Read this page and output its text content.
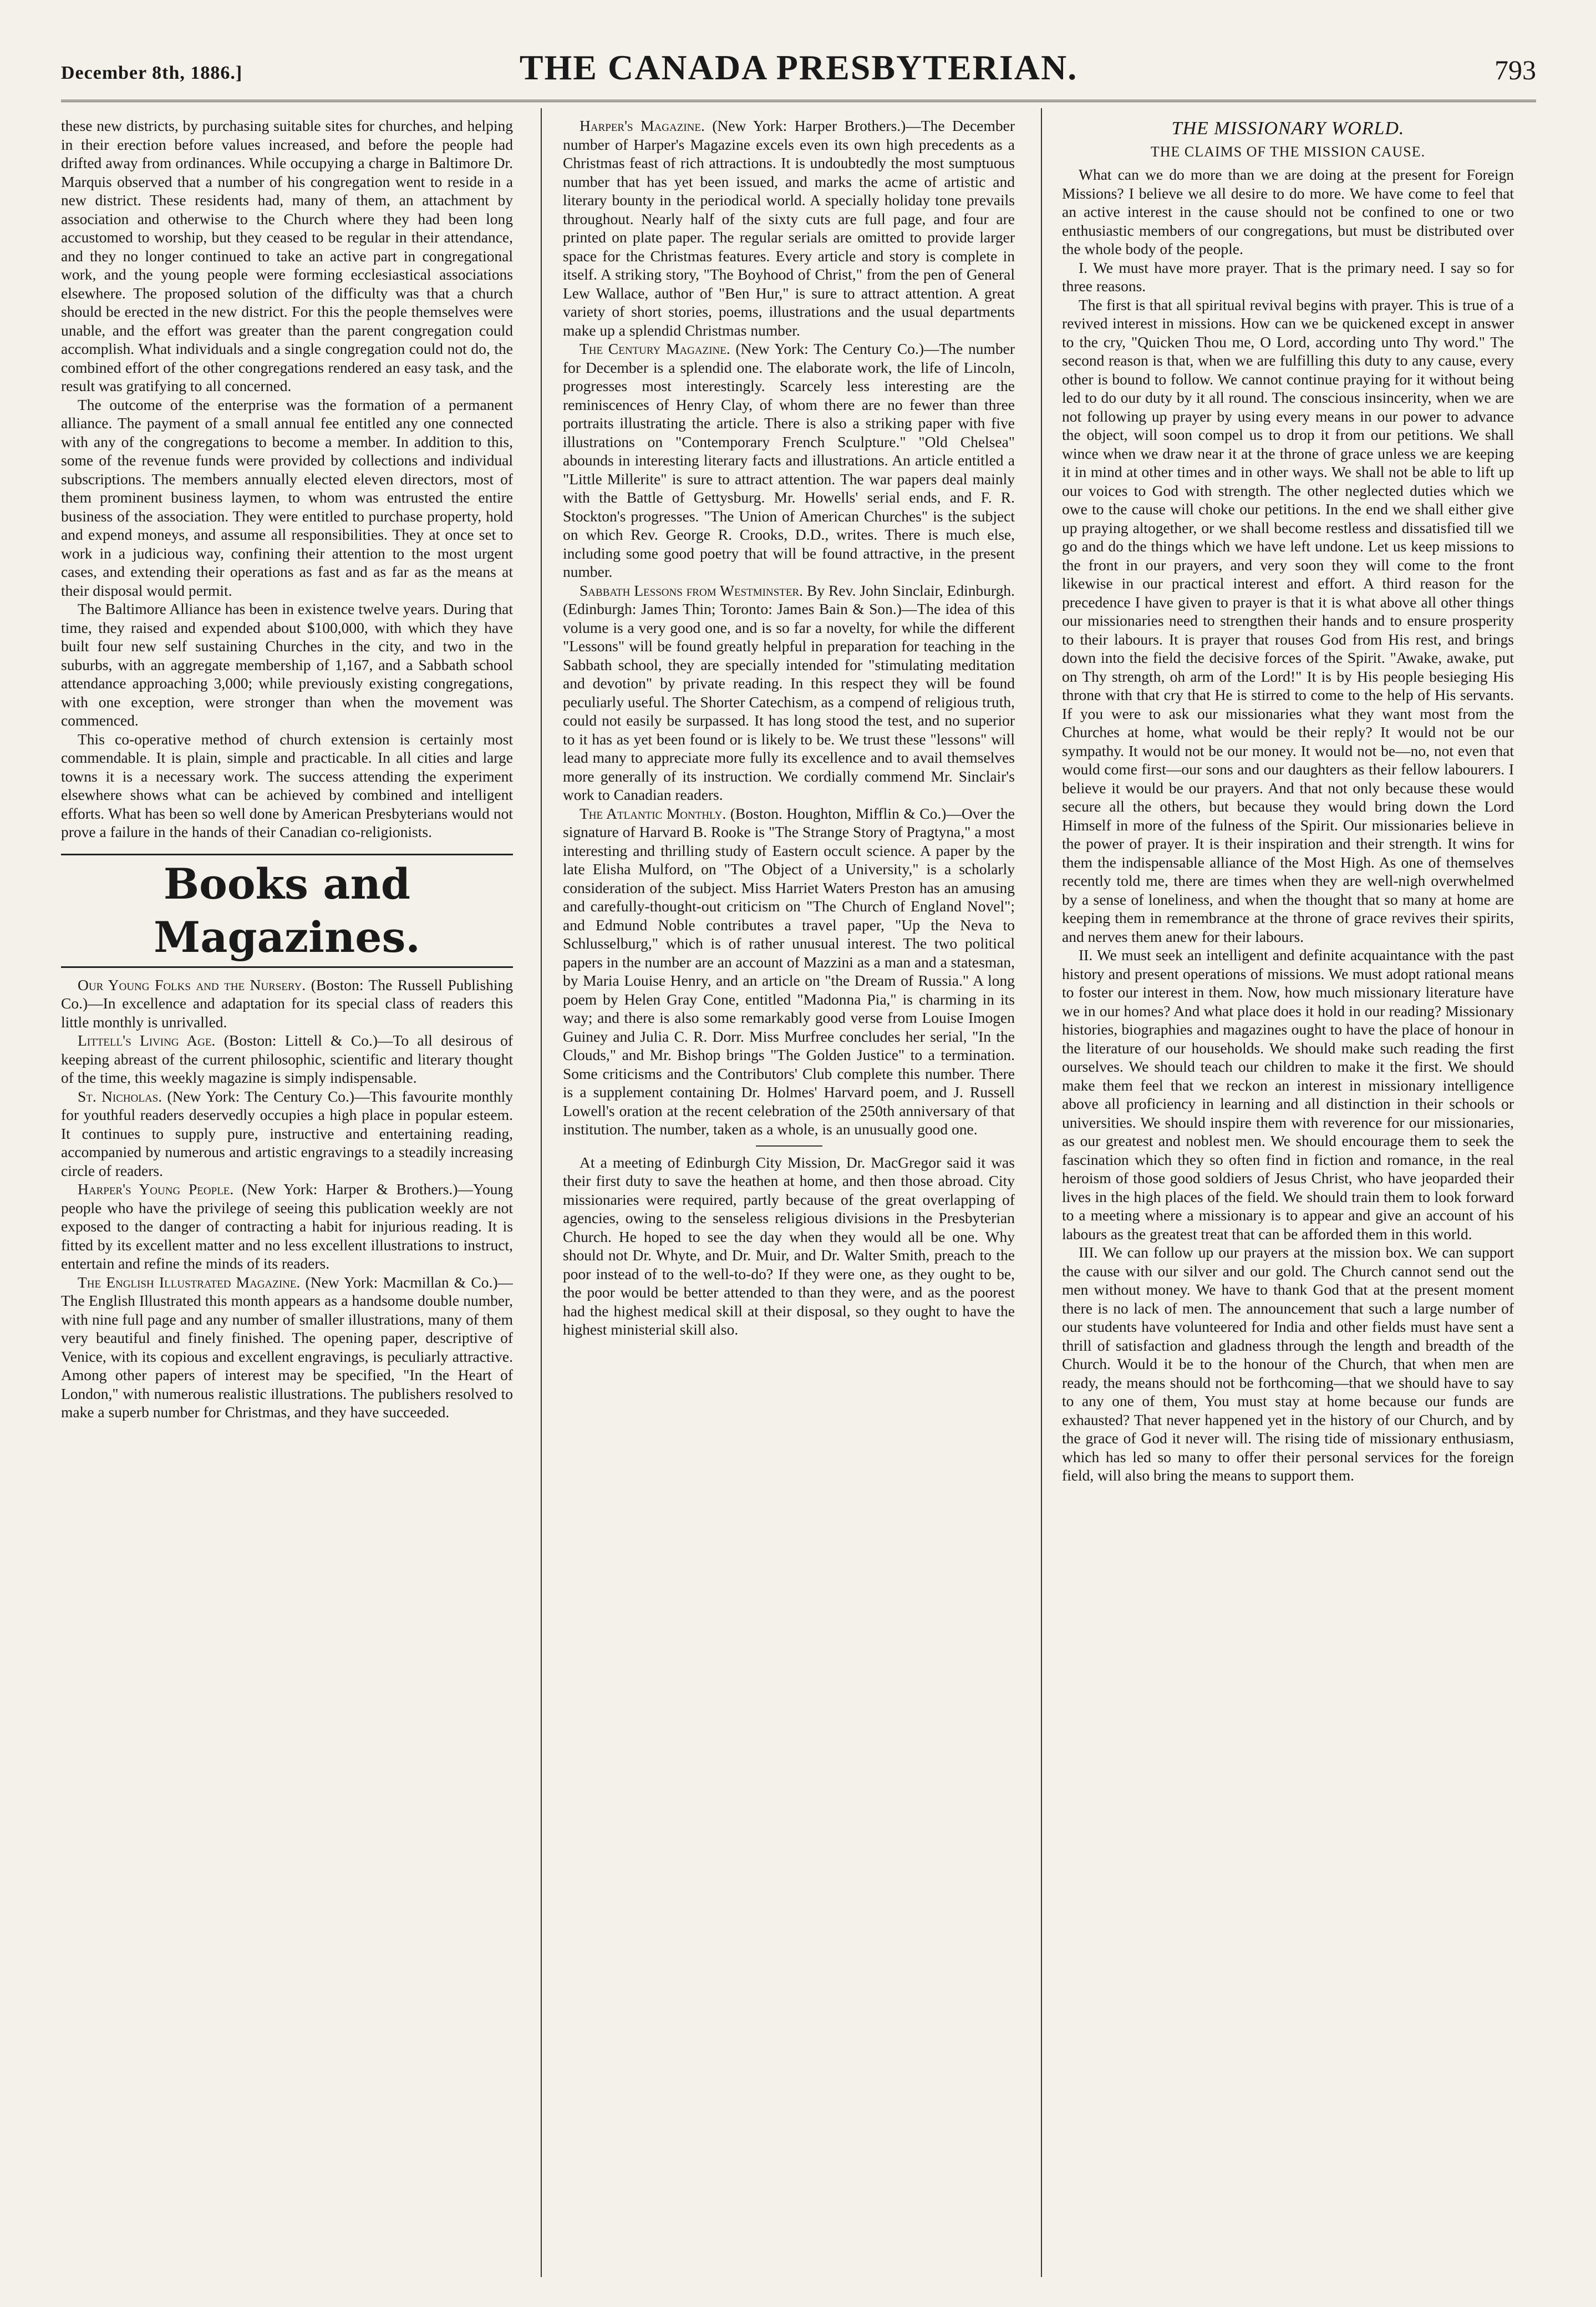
December 8th, 1886.]	THE CANADA PRESBYTERIAN.	793

these new districts, by purchasing suitable sites for churches, and helping in their erection before values increased, and before the people had drifted away from ordinances. While occupying a charge in Baltimore Dr. Marquis observed that a number of his congregation went to reside in a new district. These residents had, many of them, an attachment by association and otherwise to the Church where they had been long accustomed to worship, but they ceased to be regular in their attendance, and they no longer continued to take an active part in congregational work, and the young people were forming ecclesiastical associations elsewhere. The proposed solution of the difficulty was that a church should be erected in the new district. For this the people themselves were unable, and the effort was greater than the parent congregation could accomplish. What individuals and a single congregation could not do, the combined effort of the other congregations rendered an easy task, and the result was gratifying to all concerned.

The outcome of the enterprise was the formation of a permanent alliance. The payment of a small annual fee entitled any one connected with any of the congregations to become a member. In addition to this, some of the revenue funds were provided by collections and individual subscriptions. The members annually elected eleven directors, most of them prominent business laymen, to whom was entrusted the entire business of the association. They were entitled to purchase property, hold and expend moneys, and assume all responsibilities. They at once set to work in a judicious way, confining their attention to the most urgent cases, and extending their operations as fast and as far as the means at their disposal would permit.

The Baltimore Alliance has been in existence twelve years. During that time, they raised and expended about $100,000, with which they have built four new self sustaining Churches in the city, and two in the suburbs, with an aggregate membership of 1,167, and a Sabbath school attendance approaching 3,000; while previously existing congregations, with one exception, were stronger than when the movement was commenced.

This co-operative method of church extension is certainly most commendable. It is plain, simple and practicable. In all cities and large towns it is a necessary work. The success attending the experiment elsewhere shows what can be achieved by combined and intelligent efforts. What has been so well done by American Presbyterians would not prove a failure in the hands of their Canadian co-religionists.

Books and Magazines.

Our Young Folks and the Nursery. (Boston: The Russell Publishing Co.)—In excellence and adaptation for its special class of readers this little monthly is unrivalled.

Littell's Living Age. (Boston: Littell & Co.)—To all desirous of keeping abreast of the current philosophic, scientific and literary thought of the time, this weekly magazine is simply indispensable.

St. Nicholas. (New York: The Century Co.)—This favourite monthly for youthful readers deservedly occupies a high place in popular esteem. It continues to supply pure, instructive and entertaining reading, accompanied by numerous and artistic engravings to a steadily increasing circle of readers.

Harper's Young People. (New York: Harper & Brothers.)—Young people who have the privilege of seeing this publication weekly are not exposed to the danger of contracting a habit for injurious reading. It is fitted by its excellent matter and no less excellent illustrations to instruct, entertain and refine the minds of its readers.

The English Illustrated Magazine. (New York: Macmillan & Co.)—The English Illustrated this month appears as a handsome double number, with nine full page and any number of smaller illustrations, many of them very beautiful and finely finished. The opening paper, descriptive of Venice, with its copious and excellent engravings, is peculiarly attractive. Among other papers of interest may be specified, "In the Heart of London," with numerous realistic illustrations. The publishers resolved to make a superb number for Christmas, and they have succeeded.

Harper's Magazine. (New York: Harper Brothers.)—The December number of Harper's Magazine excels even its own high precedents as a Christmas feast of rich attractions. It is undoubtedly the most sumptuous number that has yet been issued, and marks the acme of artistic and literary bounty in the periodical world. A specially holiday tone prevails throughout. Nearly half of the sixty cuts are full page, and four are printed on plate paper. The regular serials are omitted to provide larger space for the Christmas features. Every article and story is complete in itself. A striking story, "The Boyhood of Christ," from the pen of General Lew Wallace, author of "Ben Hur," is sure to attract attention. A great variety of short stories, poems, illustrations and the usual departments make up a splendid Christmas number.

The Century Magazine. (New York: The Century Co.)—The number for December is a splendid one. The elaborate work, the life of Lincoln, progresses most interestingly. Scarcely less interesting are the reminiscences of Henry Clay, of whom there are no fewer than three portraits illustrating the article. There is also a striking paper with five illustrations on "Contemporary French Sculpture." "Old Chelsea" abounds in interesting literary facts and illustrations. An article entitled a "Little Millerite" is sure to attract attention. The war papers deal mainly with the Battle of Gettysburg. Mr. Howells' serial ends, and F. R. Stockton's progresses. "The Union of American Churches" is the subject on which Rev. George R. Crooks, D.D., writes. There is much else, including some good poetry that will be found attractive, in the present number.

Sabbath Lessons from Westminster. By Rev. John Sinclair, Edinburgh. (Edinburgh: James Thin; Toronto: James Bain & Son.)—The idea of this volume is a very good one, and is so far a novelty, for while the different "Lessons" will be found greatly helpful in preparation for teaching in the Sabbath school, they are specially intended for "stimulating meditation and devotion" by private reading. In this respect they will be found peculiarly useful. The Shorter Catechism, as a compend of religious truth, could not easily be surpassed. It has long stood the test, and no superior to it has as yet been found or is likely to be. We trust these "lessons" will lead many to appreciate more fully its excellence and to avail themselves more generally of its instruction. We cordially commend Mr. Sinclair's work to Canadian readers.

The Atlantic Monthly. (Boston. Houghton, Mifflin & Co.)—Over the signature of Harvard B. Rooke is "The Strange Story of Pragtyna," a most interesting and thrilling study of Eastern occult science. A paper by the late Elisha Mulford, on "The Object of a University," is a scholarly consideration of the subject. Miss Harriet Waters Preston has an amusing and carefully-thought-out criticism on "The Church of England Novel"; and Edmund Noble contributes a travel paper, "Up the Neva to Schlusselburg," which is of rather unusual interest. The two political papers in the number are an account of Mazzini as a man and a statesman, by Maria Louise Henry, and an article on "the Dream of Russia." A long poem by Helen Gray Cone, entitled "Madonna Pia," is charming in its way; and there is also some remarkably good verse from Louise Imogen Guiney and Julia C. R. Dorr. Miss Murfree concludes her serial, "In the Clouds," and Mr. Bishop brings "The Golden Justice" to a termination. Some criticisms and the Contributors' Club complete this number. There is a supplement containing Dr. Holmes' Harvard poem, and J. Russell Lowell's oration at the recent celebration of the 250th anniversary of that institution. The number, taken as a whole, is an unusually good one.

At a meeting of Edinburgh City Mission, Dr. MacGregor said it was their first duty to save the heathen at home, and then those abroad. City missionaries were required, partly because of the great overlapping of agencies, owing to the senseless religious divisions in the Presbyterian Church. He hoped to see the day when they would all be one. Why should not Dr. Whyte, and Dr. Muir, and Dr. Walter Smith, preach to the poor instead of to the well-to-do? If they were one, as they ought to be, the poor would be better attended to than they were, and as the poorest had the highest medical skill at their disposal, so they ought to have the highest ministerial skill also.

THE MISSIONARY WORLD.
THE CLAIMS OF THE MISSION CAUSE.

What can we do more than we are doing at the present for Foreign Missions? I believe we all desire to do more. We have come to feel that an active interest in the cause should not be confined to one or two enthusiastic members of our congregations, but must be distributed over the whole body of the people.

I. We must have more prayer. That is the primary need. I say so for three reasons.

The first is that all spiritual revival begins with prayer. This is true of a revived interest in missions. How can we be quickened except in answer to the cry, "Quicken Thou me, O Lord, according unto Thy word." The second reason is that, when we are fulfilling this duty to any cause, every other is bound to follow. We cannot continue praying for it without being led to do our duty by it all round. The conscious insincerity, when we are not following up prayer by using every means in our power to advance the object, will soon compel us to drop it from our petitions. We shall wince when we draw near it at the throne of grace unless we are keeping it in mind at other times and in other ways. We shall not be able to lift up our voices to God with strength. The other neglected duties which we owe to the cause will choke our petitions. In the end we shall either give up praying altogether, or we shall become restless and dissatisfied till we go and do the things which we have left undone. Let us keep missions to the front in our prayers, and very soon they will come to the front likewise in our practical interest and effort. A third reason for the precedence I have given to prayer is that it is what above all other things our missionaries need to strengthen their hands and to ensure prosperity to their labours. It is prayer that rouses God from His rest, and brings down into the field the decisive forces of the Spirit. "Awake, awake, put on Thy strength, oh arm of the Lord!" It is by His people besieging His throne with that cry that He is stirred to come to the help of His servants. If you were to ask our missionaries what they want most from the Churches at home, what would be their reply? It would not be our sympathy. It would not be our money. It would not be—no, not even that would come first—our sons and our daughters as their fellow labourers. I believe it would be our prayers. And that not only because these would secure all the others, but because they would bring down the Lord Himself in more of the fulness of the Spirit. Our missionaries believe in the power of prayer. It is their inspiration and their strength. It wins for them the indispensable alliance of the Most High. As one of themselves recently told me, there are times when they are well-nigh overwhelmed by a sense of loneliness, and when the thought that so many at home are keeping them in remembrance at the throne of grace revives their spirits, and nerves them anew for their labours.

II. We must seek an intelligent and definite acquaintance with the past history and present operations of missions. We must adopt rational means to foster our interest in them. Now, how much missionary literature have we in our homes? And what place does it hold in our reading? Missionary histories, biographies and magazines ought to have the place of honour in the literature of our households. We should make such reading the first ourselves. We should teach our children to make it the first. We should make them feel that we reckon an interest in missionary intelligence above all proficiency in learning and all distinction in their schools or universities. We should inspire them with reverence for our missionaries, as our greatest and noblest men. We should encourage them to seek the fascination which they so often find in fiction and romance, in the real heroism of those good soldiers of Jesus Christ, who have jeoparded their lives in the high places of the field. We should train them to look forward to a meeting where a missionary is to appear and give an account of his labours as the greatest treat that can be afforded them in this world.

III. We can follow up our prayers at the mission box. We can support the cause with our silver and our gold. The Church cannot send out the men without money. We have to thank God that at the present moment there is no lack of men. The announcement that such a large number of our students have volunteered for India and other fields must have sent a thrill of satisfaction and gladness through the length and breadth of the Church. Would it be to the honour of the Church, that when men are ready, the means should not be forthcoming—that we should have to say to any one of them, You must stay at home because our funds are exhausted? That never happened yet in the history of our Church, and by the grace of God it never will. The rising tide of missionary enthusiasm, which has led so many to offer their personal services for the foreign field, will also bring the means to support them.
